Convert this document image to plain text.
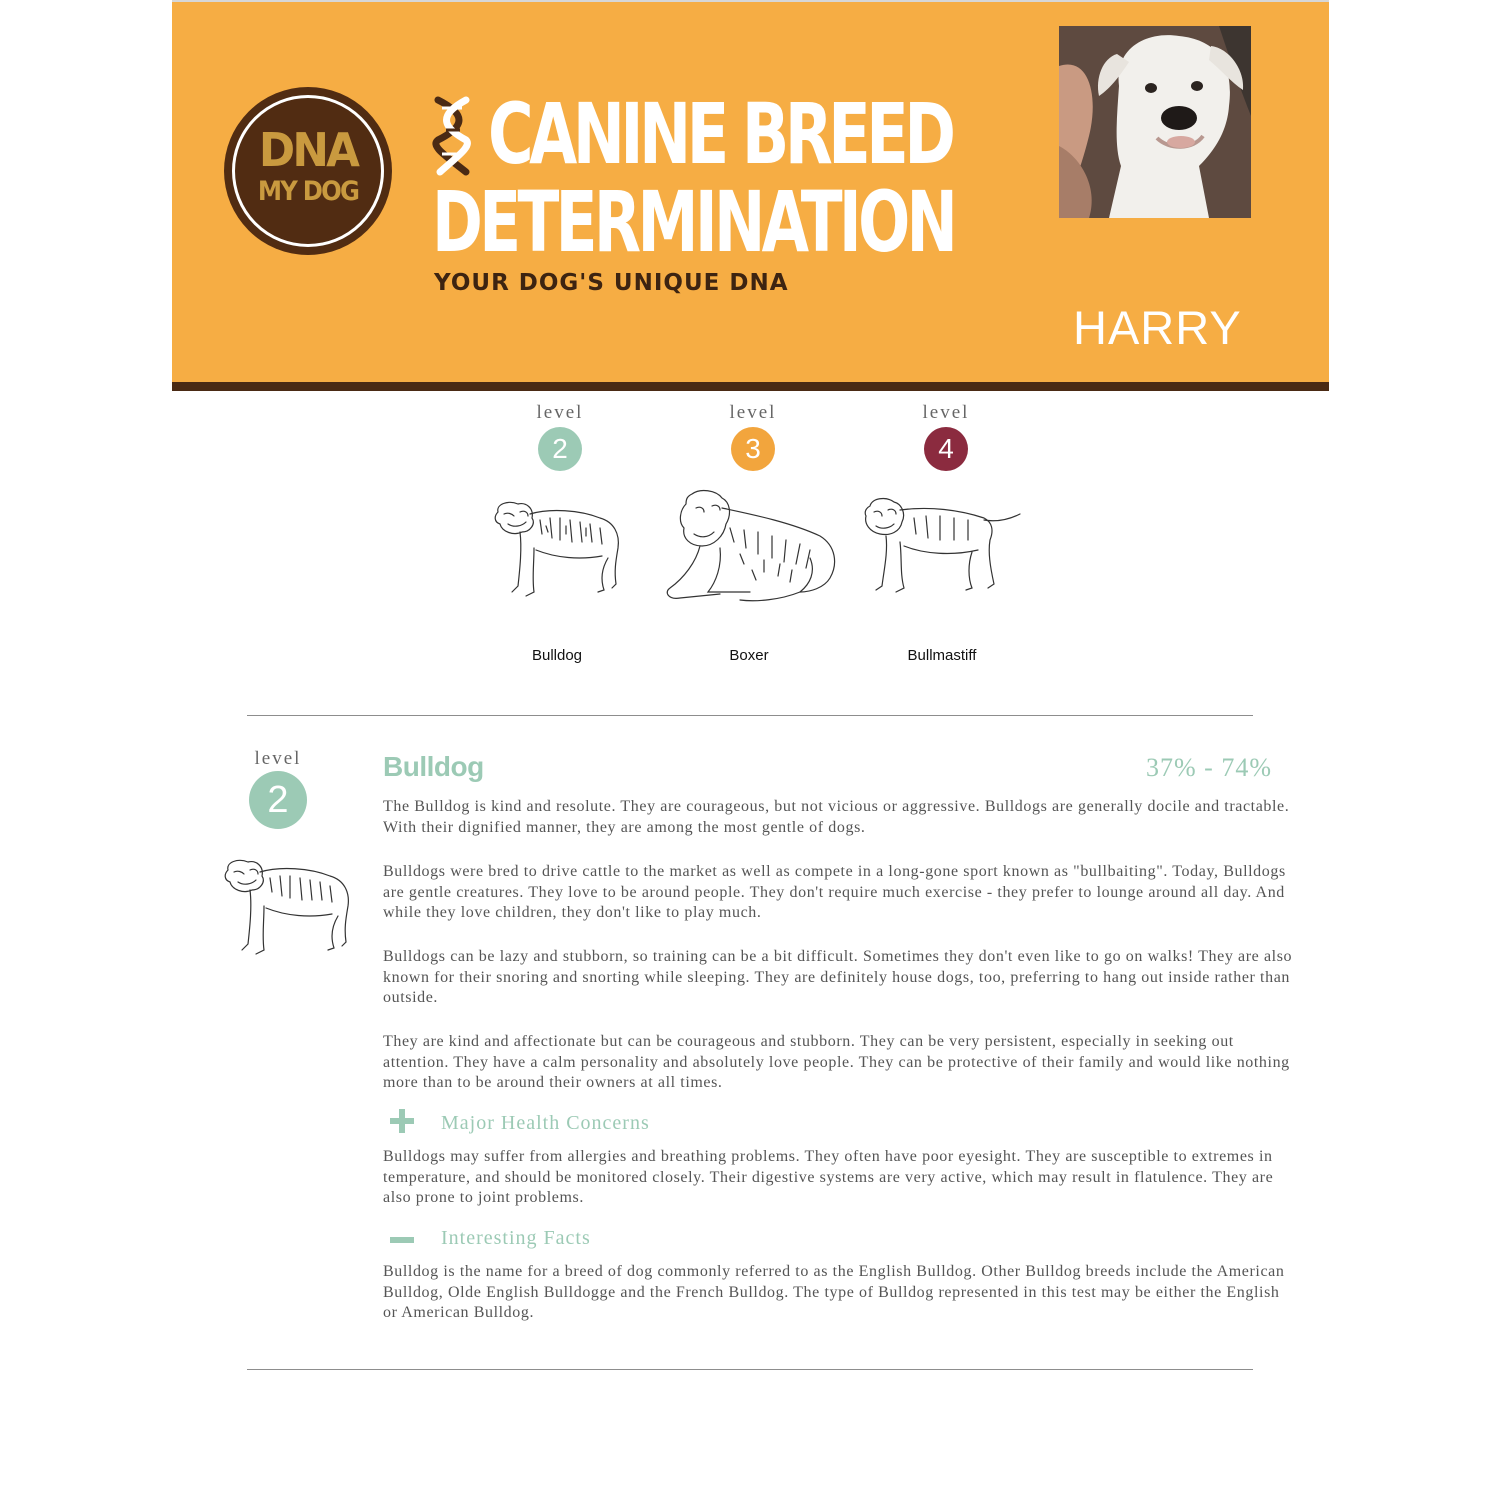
DNA
MY DOG
CANINE BREED
DETERMINATION
YOUR DOG'S UNIQUE DNA
HARRY
level
2
level
3
level
4
Bulldog	Boxer	Bullmastiff
level
2
Bulldog	37% - 74%

The Bulldog is kind and resolute. They are courageous, but not vicious or aggressive. Bulldogs are generally docile and tractable. With their dignified manner, they are among the most gentle of dogs.

Bulldogs were bred to drive cattle to the market as well as compete in a long-gone sport known as "bullbaiting". Today, Bulldogs are gentle creatures. They love to be around people. They don't require much exercise - they prefer to lounge around all day. And while they love children, they don't like to play much.

Bulldogs can be lazy and stubborn, so training can be a bit difficult. Sometimes they don't even like to go on walks! They are also known for their snoring and snorting while sleeping. They are definitely house dogs, too, preferring to hang out inside rather than outside.

They are kind and affectionate but can be courageous and stubborn. They can be very persistent, especially in seeking out attention. They have a calm personality and absolutely love people. They can be protective of their family and would like nothing more than to be around their owners at all times.

Major Health Concerns

Bulldogs may suffer from allergies and breathing problems. They often have poor eyesight. They are susceptible to extremes in temperature, and should be monitored closely. Their digestive systems are very active, which may result in flatulence. They are also prone to joint problems.

Interesting Facts

Bulldog is the name for a breed of dog commonly referred to as the English Bulldog. Other Bulldog breeds include the American Bulldog, Olde English Bulldogge and the French Bulldog. The type of Bulldog represented in this test may be either the English or American Bulldog.
